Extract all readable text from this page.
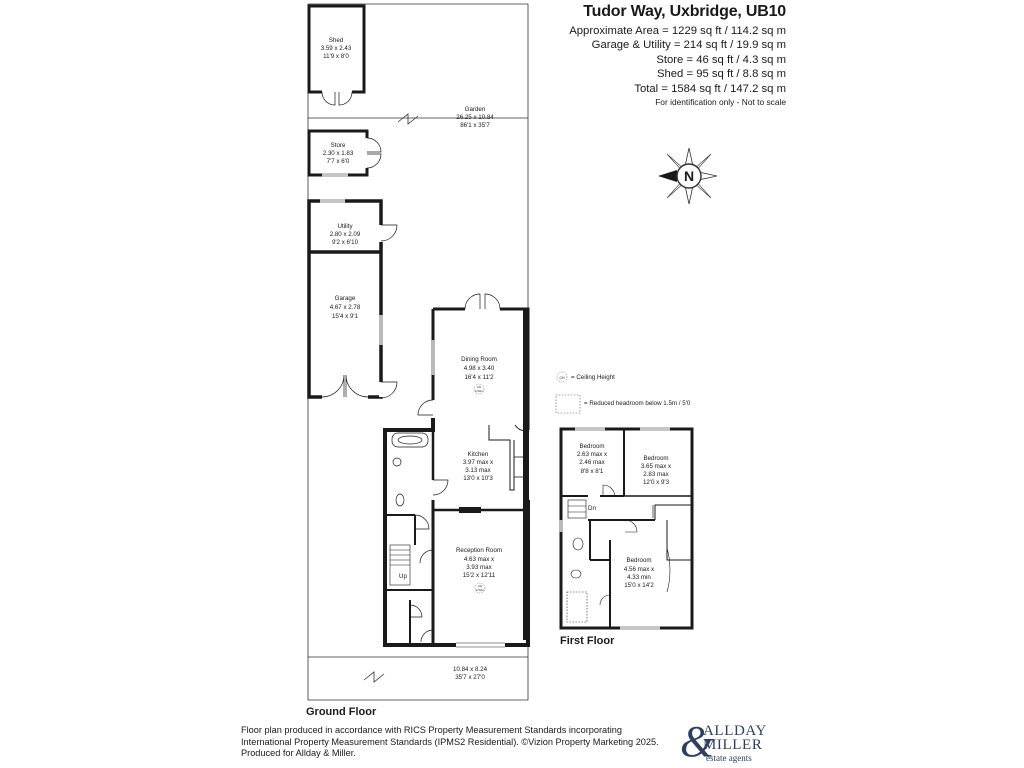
Tudor Way, Uxbridge, UB10
Approximate Area = 1229 sq ft / 114.2 sq m
Garage & Utility = 214 sq ft / 19.9 sq m
Store = 46 sq ft / 4.3 sq m
Shed = 95 sq ft / 8.8 sq m
Total = 1584 sq ft / 147.2 sq m
For identification only - Not to scale
Shed
3.59 x 2.43
11'9 x 8'0
Garden
26.25 x 10.84
86'1 x 35'7
Store
2.30 x 1.83
7'7 x 6'0
Utility
2.80 x 2.09
9'2 x 6'10
Garage
4.67 x 2.78
15'4 x 9'1
Up
Dining Room
4.98 x 3.40
16'4 x 11'2
CH
2.52m
Kitchen
3.97 max x
3.13 max
13'0 x 10'3
Reception Room
4.63 max x
3.93 max
15'2 x 12'11
CH
2.52m
10.84 x 8.24
35'7 x 27'0
Ground Floor
N
CH = Ceiling Height
= Reduced headroom below 1.5m / 5'0
Bedroom
2.63 max x
2.46 max
8'8 x 8'1
Bedroom
3.65 max x
2.83 max
12'0 x 9'3
Bedroom
4.56 max x
4.33 min
15'0 x 14'2
Dn
First Floor
Floor plan produced in accordance with RICS Property Measurement Standards incorporating
International Property Measurement Standards (IPMS2 Residential). ©Vizion Property Marketing 2025.
Produced for Allday & Miller.	&
ALLDAY
MILLER
estate agents
